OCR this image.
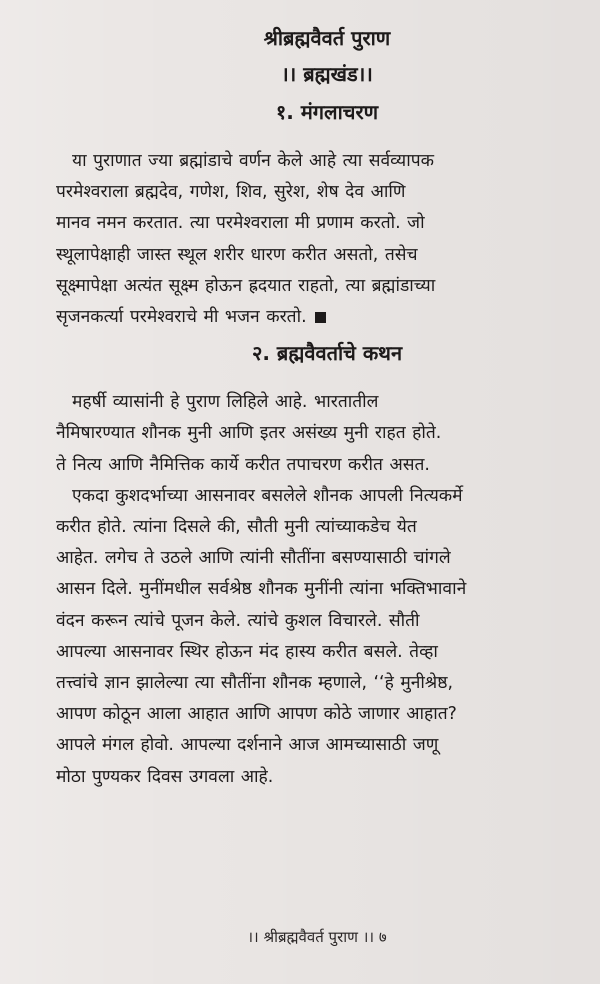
श्रीब्रह्मवैवर्त पुराण
।। ब्रह्मखंड।।
१. मंगलाचरण
या पुराणात ज्या ब्रह्मांडाचे वर्णन केले आहे त्या सर्वव्यापक
परमेश्वराला ब्रह्मदेव, गणेश, शिव, सुरेश, शेष देव आणि
मानव नमन करतात. त्या परमेश्वराला मी प्रणाम करतो. जो
स्थूलापेक्षाही जास्त स्थूल शरीर धारण करीत असतो, तसेच
सूक्ष्मापेक्षा अत्यंत सूक्ष्म होऊन ह्रदयात राहतो, त्या ब्रह्मांडाच्या
सृजनकर्त्या परमेश्वराचे मी भजन करतो.
२. ब्रह्मवैवर्ताचे कथन
महर्षी व्यासांनी हे पुराण लिहिले आहे. भारतातील
नैमिषारण्यात शौनक मुनी आणि इतर असंख्य मुनी राहत होते.
ते नित्य आणि नैमित्तिक कार्ये करीत तपाचरण करीत असत.
एकदा कुशदर्भाच्या आसनावर बसलेले शौनक आपली नित्यकर्मे
करीत होते. त्यांना दिसले की, सौती मुनी त्यांच्याकडेच येत
आहेत. लगेच ते उठले आणि त्यांनी सौतींना बसण्यासाठी चांगले
आसन दिले. मुनींमधील सर्वश्रेष्ठ शौनक मुनींनी त्यांना भक्तिभावाने
वंदन करून त्यांचे पूजन केले. त्यांचे कुशल विचारले. सौती
आपल्या आसनावर स्थिर होऊन मंद हास्य करीत बसले. तेव्हा
तत्त्वांचे ज्ञान झालेल्या त्या सौतींना शौनक म्हणाले, ‘‘हे मुनीश्रेष्ठ,
आपण कोठून आला आहात आणि आपण कोठे जाणार आहात?
आपले मंगल होवो. आपल्या दर्शनाने आज आमच्यासाठी जणू
मोठा पुण्यकर दिवस उगवला आहे.
।। श्रीब्रह्मवैवर्त पुराण ।। ७
